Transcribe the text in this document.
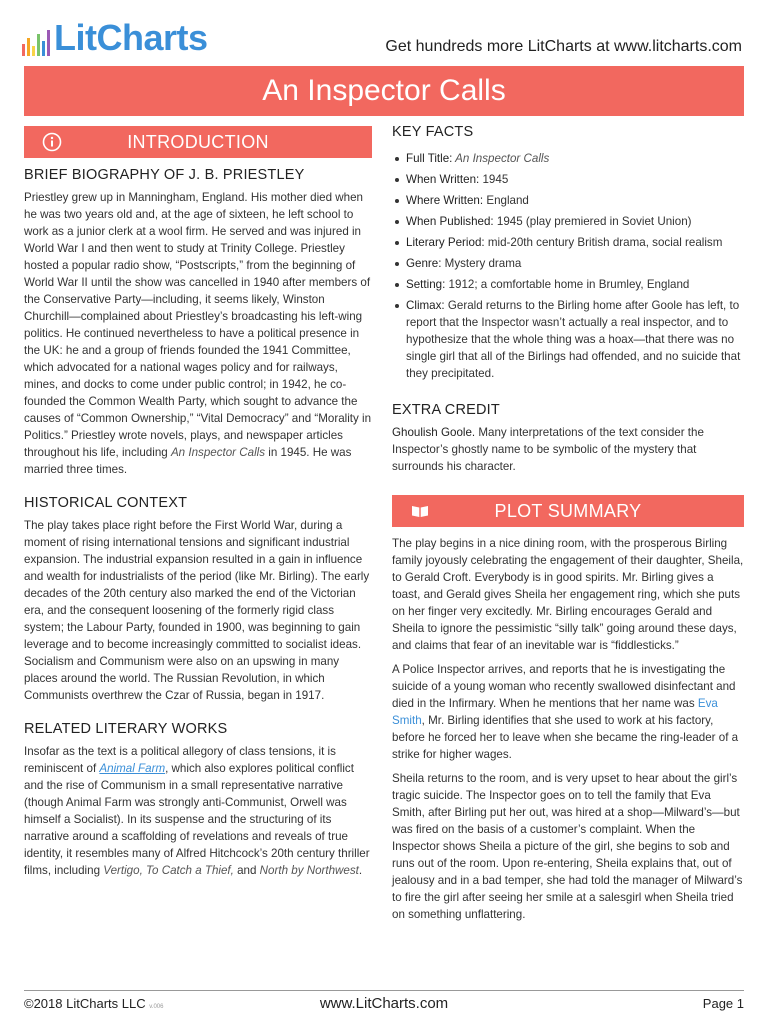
LitCharts	Get hundreds more LitCharts at www.litcharts.com
An Inspector Calls
INTRODUCTION
BRIEF BIOGRAPHY OF J. B. PRIESTLEY

Priestley grew up in Manningham, England. His mother died when he was two years old and, at the age of sixteen, he left school to work as a junior clerk at a wool firm. He served and was injured in World War I and then went to study at Trinity College. Priestley hosted a popular radio show, “Postscripts,” from the beginning of World War II until the show was cancelled in 1940 after members of the Conservative Party—including, it seems likely, Winston Churchill—complained about Priestley’s broadcasting his left-wing politics. He continued nevertheless to have a political presence in the UK: he and a group of friends founded the 1941 Committee, which advocated for a national wages policy and for railways, mines, and docks to come under public control; in 1942, he co-founded the Common Wealth Party, which sought to advance the causes of “Common Ownership,” “Vital Democracy” and “Morality in Politics.” Priestley wrote novels, plays, and newspaper articles throughout his life, including An Inspector Calls in 1945. He was married three times.

HISTORICAL CONTEXT

The play takes place right before the First World War, during a moment of rising international tensions and significant industrial expansion. The industrial expansion resulted in a gain in influence and wealth for industrialists of the period (like Mr. Birling). The early decades of the 20th century also marked the end of the Victorian era, and the consequent loosening of the formerly rigid class system; the Labour Party, founded in 1900, was beginning to gain leverage and to become increasingly committed to socialist ideas. Socialism and Communism were also on an upswing in many places around the world. The Russian Revolution, in which Communists overthrew the Czar of Russia, began in 1917.

RELATED LITERARY WORKS

Insofar as the text is a political allegory of class tensions, it is reminiscent of Animal Farm, which also explores political conflict and the rise of Communism in a small representative narrative (though Animal Farm was strongly anti-Communist, Orwell was himself a Socialist). In its suspense and the structuring of its narrative around a scaffolding of revelations and reveals of true identity, it resembles many of Alfred Hitchcock’s 20th century thriller films, including Vertigo, To Catch a Thief, and North by Northwest.

KEY FACTS
Full Title: An Inspector Calls
When Written: 1945
Where Written: England
When Published: 1945 (play premiered in Soviet Union)
Literary Period: mid-20th century British drama, social realism
Genre: Mystery drama
Setting: 1912; a comfortable home in Brumley, England
Climax: Gerald returns to the Birling home after Goole has left, to report that the Inspector wasn’t actually a real inspector, and to hypothesize that the whole thing was a hoax—that there was no single girl that all of the Birlings had offended, and no suicide that they precipitated.
EXTRA CREDIT

Ghoulish Goole. Many interpretations of the text consider the Inspector’s ghostly name to be symbolic of the mystery that surrounds his character.

PLOT SUMMARY

The play begins in a nice dining room, with the prosperous Birling family joyously celebrating the engagement of their daughter, Sheila, to Gerald Croft. Everybody is in good spirits. Mr. Birling gives a toast, and Gerald gives Sheila her engagement ring, which she puts on her finger very excitedly. Mr. Birling encourages Gerald and Sheila to ignore the pessimistic “silly talk” going around these days, and claims that fear of an inevitable war is “fiddlesticks.”

A Police Inspector arrives, and reports that he is investigating the suicide of a young woman who recently swallowed disinfectant and died in the Infirmary. When he mentions that her name was Eva Smith, Mr. Birling identifies that she used to work at his factory, before he forced her to leave when she became the ring-leader of a strike for higher wages.

Sheila returns to the room, and is very upset to hear about the girl’s tragic suicide. The Inspector goes on to tell the family that Eva Smith, after Birling put her out, was hired at a shop—Milward’s—but was fired on the basis of a customer’s complaint. When the Inspector shows Sheila a picture of the girl, she begins to sob and runs out of the room. Upon re-entering, Sheila explains that, out of jealousy and in a bad temper, she had told the manager of Milward’s to fire the girl after seeing her smile at a salesgirl when Sheila tried on something unflattering.

©2018 LitCharts LLC v.006	www.LitCharts.com	Page 1
